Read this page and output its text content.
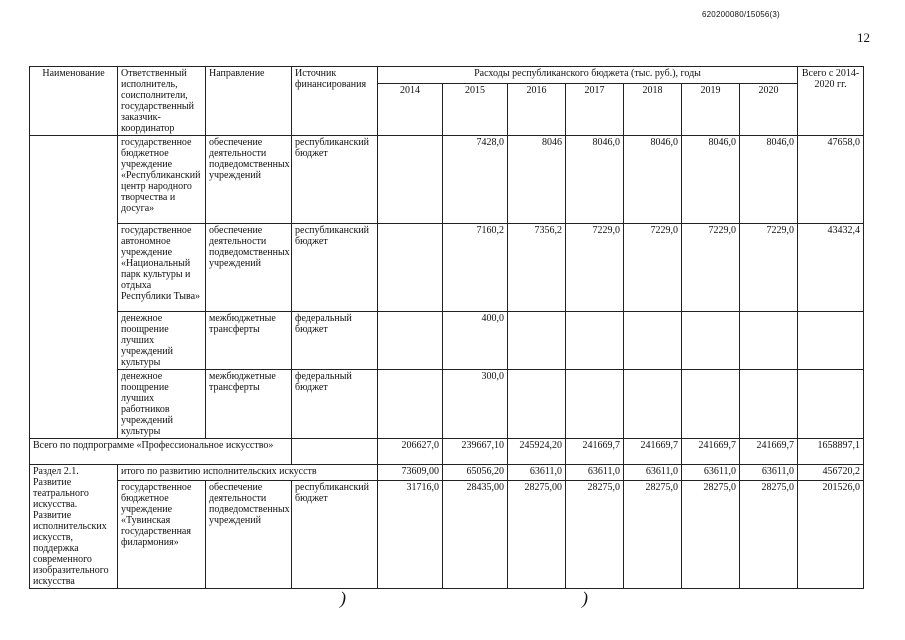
620200080/15056(3)
12
Наименование	Ответственный исполнитель, соисполнители, государственный заказчик-координатор	Направление	Источник финансирования	Расходы республиканского бюджета (тыс. руб.), годы							Всего с 2014-2020 гг.
				2014	2015	2016	2017	2018	2019	2020	
	государственное бюджетное учреждение «Республиканский центр народного творчества и досуга»	обеспечение деятельности подведомственных учреждений	республиканский бюджет		7428,0	8046	8046,0	8046,0	8046,0	8046,0	47658,0
	государственное автономное учреждение «Национальный парк культуры и отдыха Республики Тыва»	обеспечение деятельности подведомственных учреждений	республиканский бюджет		7160,2	7356,2	7229,0	7229,0	7229,0	7229,0	43432,4
	денежное поощрение лучших учреждений культуры	межбюджетные трансферты	федеральный бюджет		400,0						
	денежное поощрение лучших работников учреждений культуры	межбюджетные трансферты	федеральный бюджет		300,0						
Всего по подпрограмме «Профессиональное искусство»				206627,0	239667,10	245924,20	241669,7	241669,7	241669,7	241669,7	1658897,1
Раздел 2.1. Развитие театрального искусства. Развитие исполнительских искусств, поддержка современного изобразительного искусства	итого по развитию исполнительских искусств			73609,00	65056,20	63611,0	63611,0	63611,0	63611,0	63611,0	456720,2
	государственное бюджетное учреждение «Тувинская государственная филармония»	обеспечение деятельности подведомственных учреждений	республиканский бюджет	31716,0	28435,00	28275,00	28275,0	28275,0	28275,0	28275,0	201526,0
)	)
